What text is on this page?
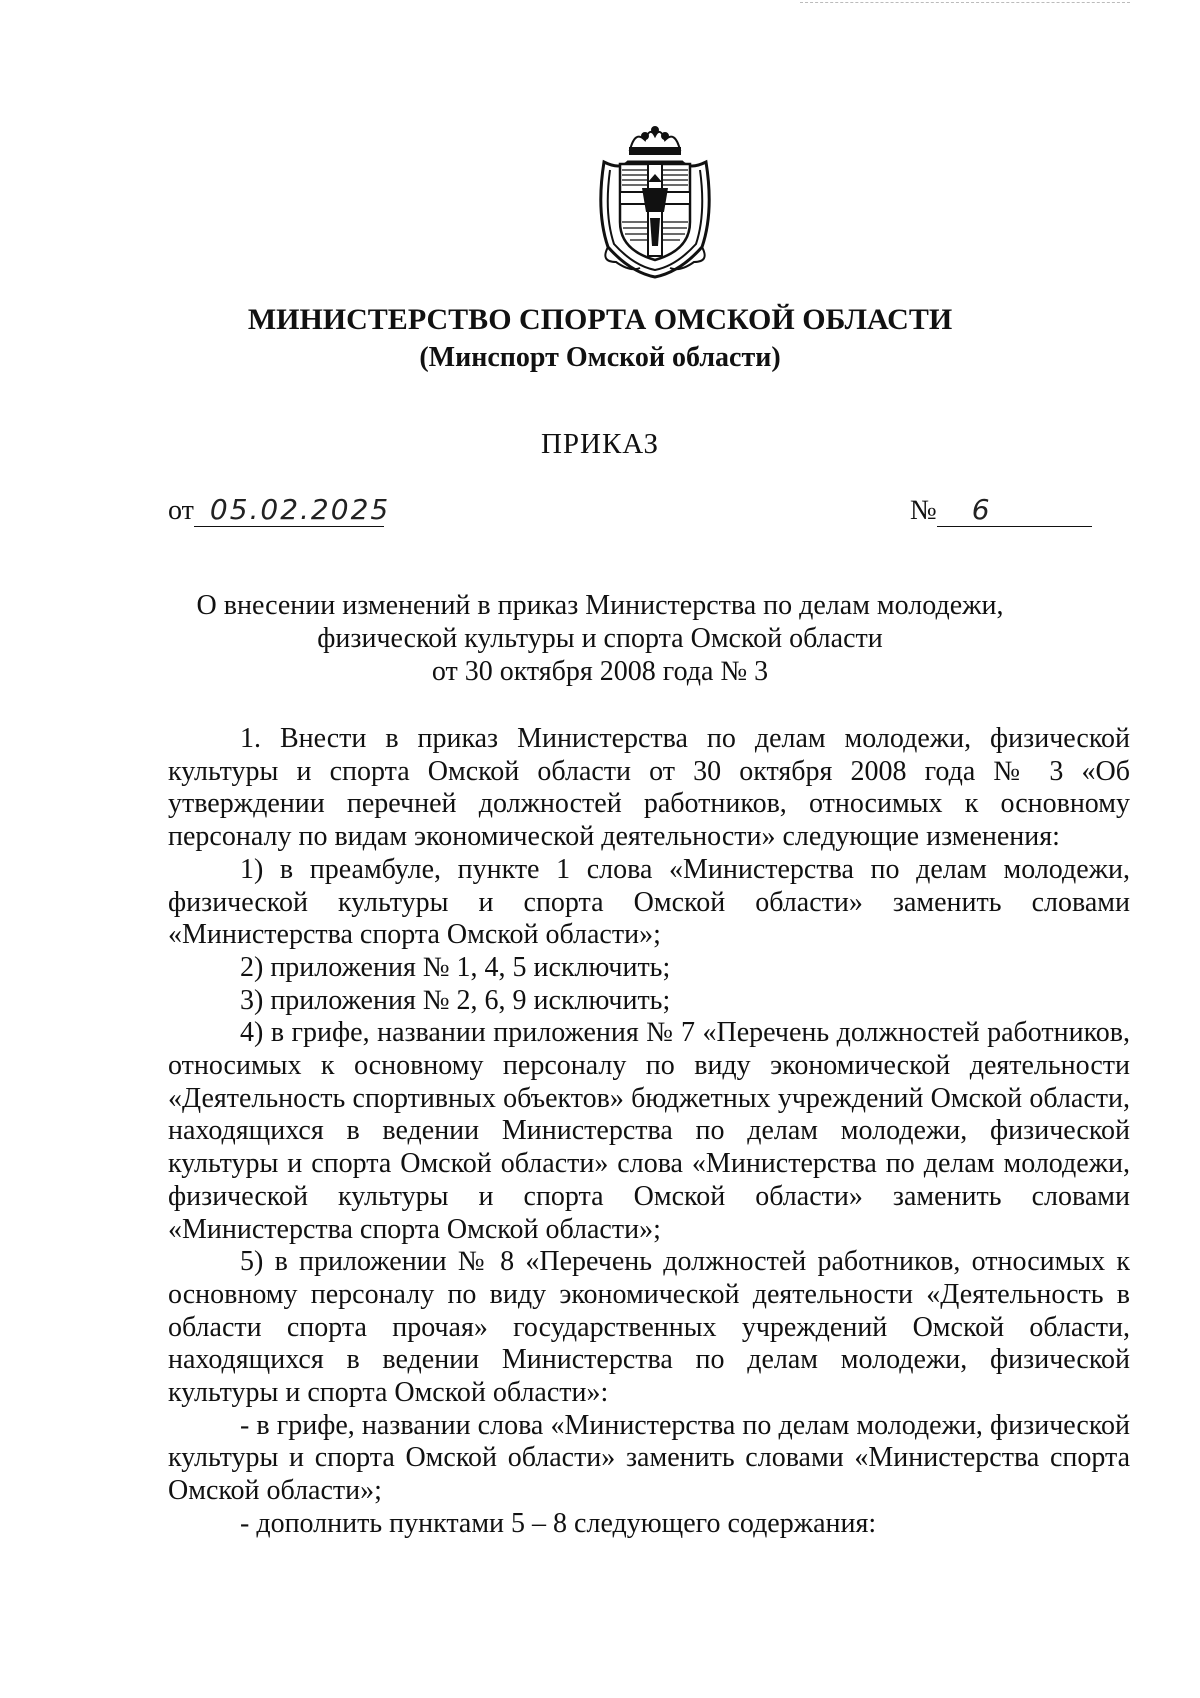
МИНИСТЕРСТВО СПОРТА ОМСКОЙ ОБЛАСТИ
(Минспорт Омской области)
ПРИКАЗ
от 05.02.2025	№ 6
О внесении изменений в приказ Министерства по делам молодежи,
физической культуры и спорта Омской области
от 30 октября 2008 года № 3

1. Внести в приказ Министерства по делам молодежи, физической культуры и спорта Омской области от 30 октября 2008 года № 3 «Об утверждении перечней должностей работников, относимых к основному персоналу по видам экономической деятельности» следующие изменения:

1) в преамбуле, пункте 1 слова «Министерства по делам молодежи, физической культуры и спорта Омской области» заменить словами «Министерства спорта Омской области»;

2) приложения № 1, 4, 5 исключить;

3) приложения № 2, 6, 9 исключить;

4) в грифе, названии приложения № 7 «Перечень должностей работников, относимых к основному персоналу по виду экономической деятельности «Деятельность спортивных объектов» бюджетных учреждений Омской области, находящихся в ведении Министерства по делам молодежи, физической культуры и спорта Омской области» слова «Министерства по делам молодежи, физической культуры и спорта Омской области» заменить словами «Министерства спорта Омской области»;

5) в приложении № 8 «Перечень должностей работников, относимых к основному персоналу по виду экономической деятельности «Деятельность в области спорта прочая» государственных учреждений Омской области, находящихся в ведении Министерства по делам молодежи, физической культуры и спорта Омской области»:

- в грифе, названии слова «Министерства по делам молодежи, физической культуры и спорта Омской области» заменить словами «Министерства спорта Омской области»;

- дополнить пунктами 5 – 8 следующего содержания:
